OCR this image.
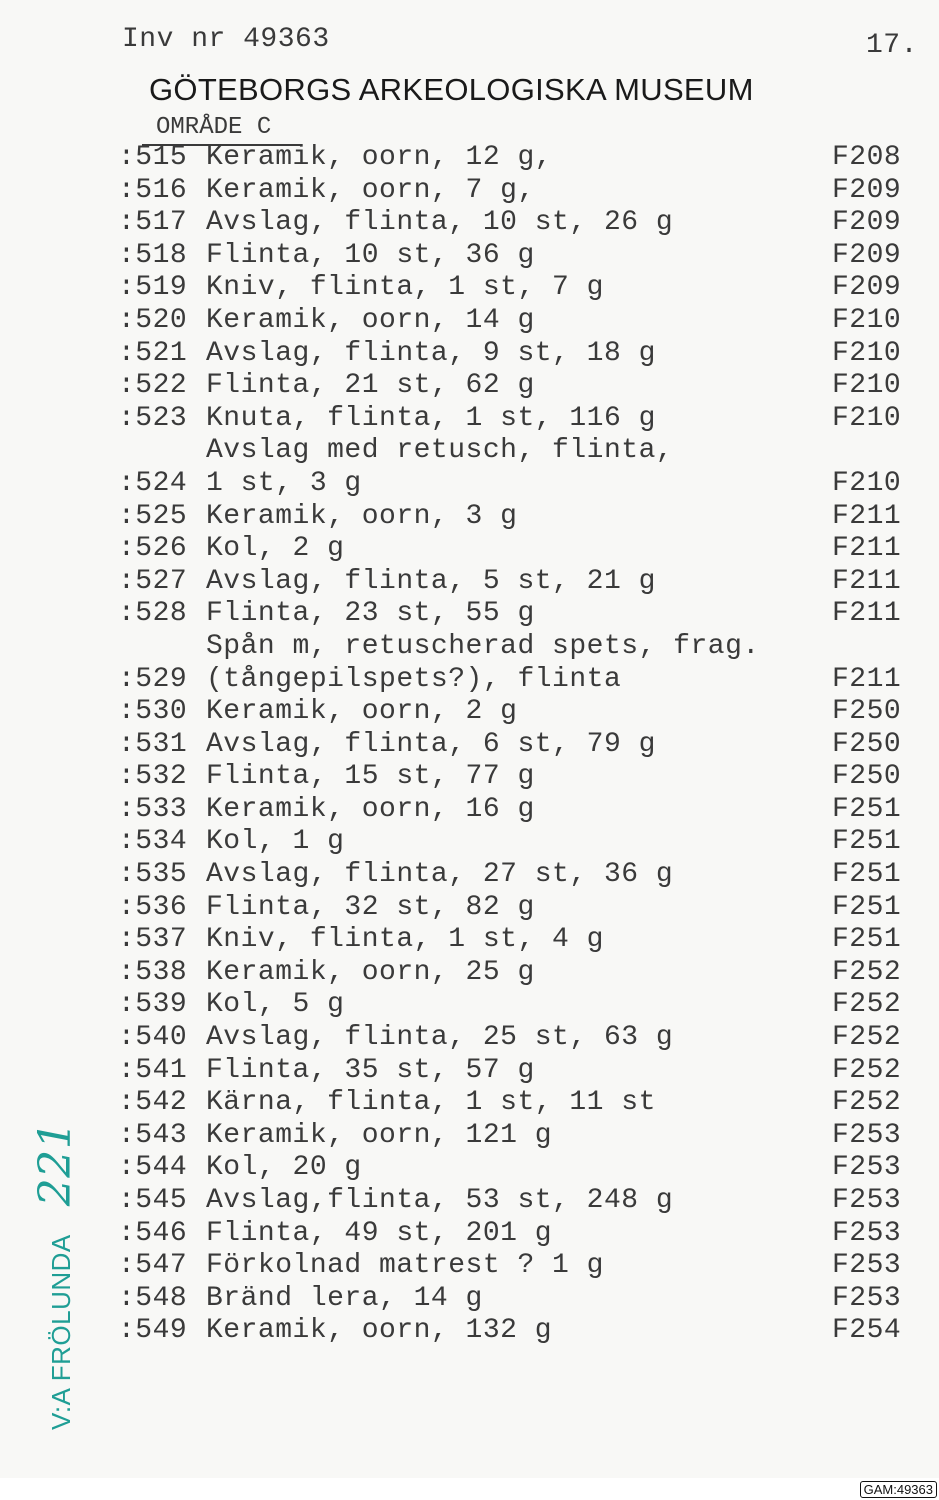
Inv nr 49363	17.
GÖTEBORGS ARKEOLOGISKA MUSEUM
OMRÅDE C
:515 Keramik, oorn, 12 g,	F208
:516 Keramik, oorn, 7 g,	F209
:517 Avslag, flinta, 10 st, 26 g	F209
:518 Flinta, 10 st, 36 g	F209
:519 Kniv, flinta, 1 st, 7 g	F209
:520 Keramik, oorn, 14 g	F210
:521 Avslag, flinta, 9 st, 18 g	F210
:522 Flinta, 21 st, 62 g	F210
:523 Knuta, flinta, 1 st, 116 g	F210
:524
Avslag med retusch, flinta,
1 st, 3 g	F210
:525 Keramik, oorn, 3 g	F211
:526 Kol, 2 g	F211
:527 Avslag, flinta, 5 st, 21 g	F211
:528 Flinta, 23 st, 55 g	F211
:529
Spån m, retuscherad spets, frag.
(tångepilspets?), flinta	F211
:530 Keramik, oorn, 2 g	F250
:531 Avslag, flinta, 6 st, 79 g	F250
:532 Flinta, 15 st, 77 g	F250
:533 Keramik, oorn, 16 g	F251
:534 Kol, 1 g	F251
:535 Avslag, flinta, 27 st, 36 g	F251
:536 Flinta, 32 st, 82 g	F251
:537 Kniv, flinta, 1 st, 4 g	F251
:538 Keramik, oorn, 25 g	F252
:539 Kol, 5 g	F252
:540 Avslag, flinta, 25 st, 63 g	F252
:541 Flinta, 35 st, 57 g	F252
:542 Kärna, flinta, 1 st, 11 st	F252
:543 Keramik, oorn, 121 g	F253
:544 Kol, 20 g	F253
:545 Avslag,flinta, 53 st, 248 g	F253
:546 Flinta, 49 st, 201 g	F253
:547 Förkolnad matrest ? 1 g	F253
:548 Bränd lera, 14 g	F253
:549 Keramik, oorn, 132 g	F254
V:A FRÖLUNDA221
GAM:49363
